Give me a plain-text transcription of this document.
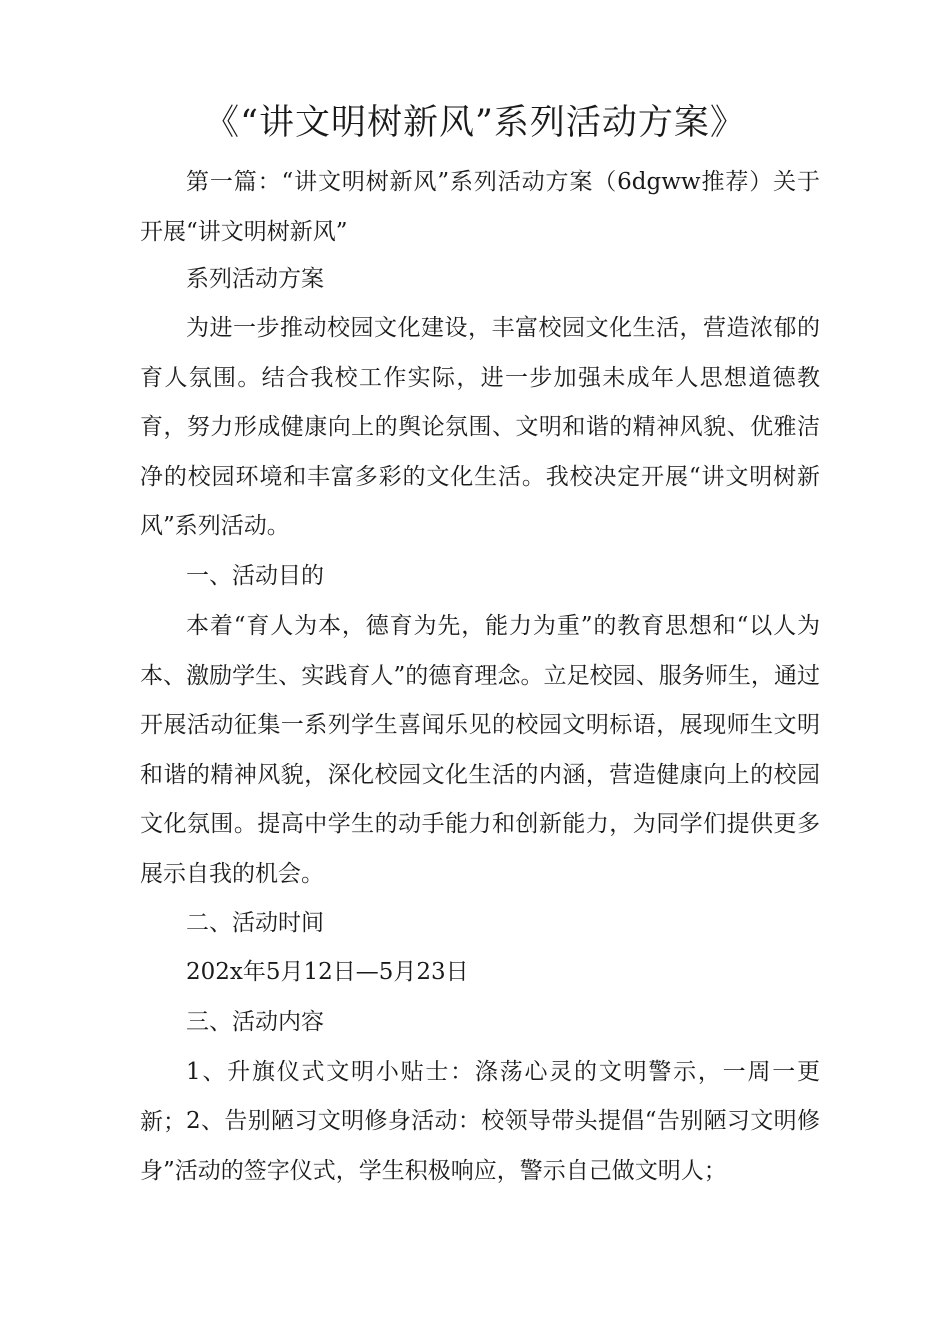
《“讲文明树新风”系列活动方案》

第一篇：“讲文明树新风”系列活动方案（6dgww推荐）关于开展“讲文明树新风”

系列活动方案

为进一步推动校园文化建设，丰富校园文化生活，营造浓郁的育人氛围。结合我校工作实际，进一步加强未成年人思想道德教育，努力形成健康向上的舆论氛围、文明和谐的精神风貌、优雅洁净的校园环境和丰富多彩的文化生活。我校决定开展“讲文明树新风”系列活动。

一、活动目的

本着“育人为本，德育为先，能力为重”的教育思想和“以人为本、激励学生、实践育人”的德育理念。立足校园、服务师生，通过开展活动征集一系列学生喜闻乐见的校园文明标语，展现师生文明和谐的精神风貌，深化校园文化生活的内涵，营造健康向上的校园文化氛围。提高中学生的动手能力和创新能力，为同学们提供更多展示自我的机会。

二、活动时间

202x年5月12日—5月23日

三、活动内容

1、升旗仪式文明小贴士：涤荡心灵的文明警示，一周一更新； 2、告别陋习文明修身活动：校领导带头提倡“告别陋习文明修身”活动的签字仪式，学生积极响应，警示自己做文明人；
